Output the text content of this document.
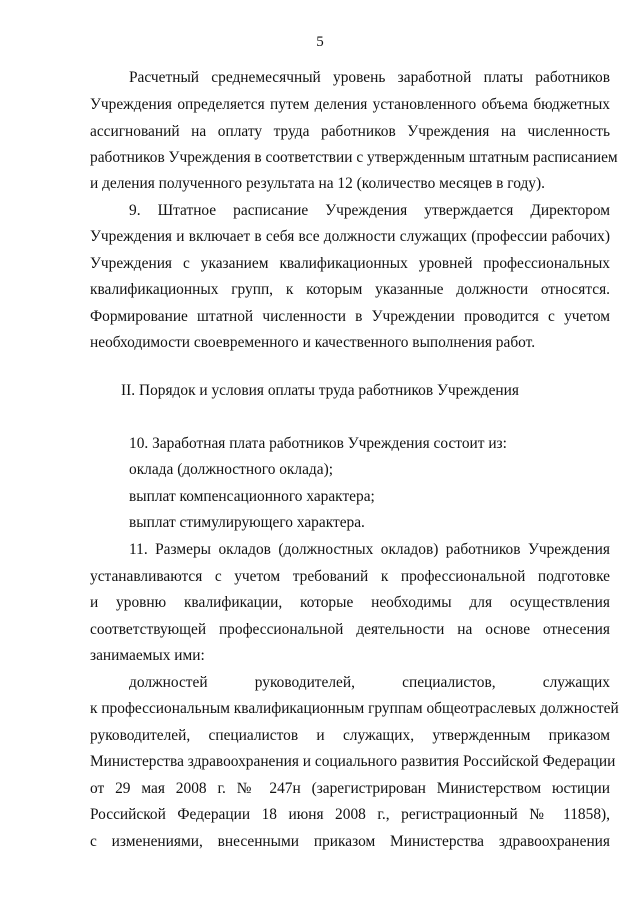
5
Расчетный среднемесячный уровень заработной платы работников
Учреждения определяется путем деления установленного объема бюджетных
ассигнований на оплату труда работников Учреждения на численность
работников Учреждения в соответствии с утвержденным штатным расписанием
и деления полученного результата на 12 (количество месяцев в году).
9. Штатное расписание Учреждения утверждается Директором
Учреждения и включает в себя все должности служащих (профессии рабочих)
Учреждения с указанием квалификационных уровней профессиональных
квалификационных групп, к которым указанные должности относятся.
Формирование штатной численности в Учреждении проводится с учетом
необходимости своевременного и качественного выполнения работ.
II. Порядок и условия оплаты труда работников Учреждения
10. Заработная плата работников Учреждения состоит из:
оклада (должностного оклада);
выплат компенсационного характера;
выплат стимулирующего характера.
11. Размеры окладов (должностных окладов) работников Учреждения
устанавливаются с учетом требований к профессиональной подготовке
и уровню квалификации, которые необходимы для осуществления
соответствующей профессиональной деятельности на основе отнесения
занимаемых ими:
должностей руководителей, специалистов, служащих
к профессиональным квалификационным группам общеотраслевых должностей
руководителей, специалистов и служащих, утвержденным приказом
Министерства здравоохранения и социального развития Российской Федерации
от 29 мая 2008 г. № 247н (зарегистрирован Министерством юстиции
Российской Федерации 18 июня 2008 г., регистрационный № 11858),
с изменениями, внесенными приказом Министерства здравоохранения
